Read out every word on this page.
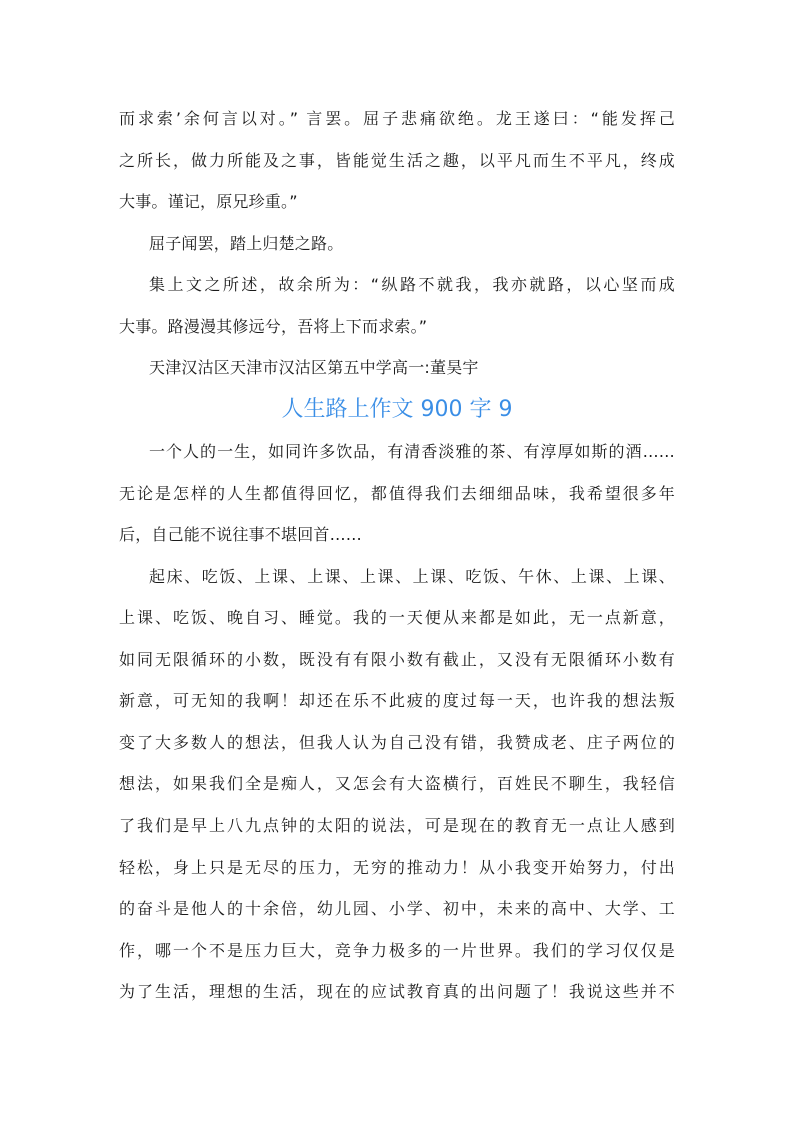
而求索’余何言以对。” 言罢。屈子悲痛欲绝。龙王遂曰：“能发挥己
之所长，做力所能及之事，皆能觉生活之趣，以平凡而生不平凡，终成
大事。谨记，原兄珍重。”
屈子闻罢，踏上归楚之路。
集上文之所述，故余所为：“纵路不就我，我亦就路，以心坚而成
大事。路漫漫其修远兮，吾将上下而求索。”
天津汉沽区天津市汉沽区第五中学高一:董昊宇
人生路上作文 900 字 9
一个人的一生，如同许多饮品，有清香淡雅的茶、有淳厚如斯的酒……
无论是怎样的人生都值得回忆，都值得我们去细细品味，我希望很多年
后，自己能不说往事不堪回首……
起床、吃饭、上课、上课、上课、上课、吃饭、午休、上课、上课、
上课、吃饭、晚自习、睡觉。我的一天便从来都是如此，无一点新意，
如同无限循环的小数，既没有有限小数有截止，又没有无限循环小数有
新意，可无知的我啊！却还在乐不此疲的度过每一天，也许我的想法叛
变了大多数人的想法，但我人认为自己没有错，我赞成老、庄子两位的
想法，如果我们全是痴人，又怎会有大盗横行，百姓民不聊生，我轻信
了我们是早上八九点钟的太阳的说法，可是现在的教育无一点让人感到
轻松，身上只是无尽的压力，无穷的推动力！从小我变开始努力，付出
的奋斗是他人的十余倍，幼儿园、小学、初中，未来的高中、大学、工
作，哪一个不是压力巨大，竞争力极多的一片世界。我们的学习仅仅是
为了生活，理想的生活，现在的应试教育真的出问题了！我说这些并不
